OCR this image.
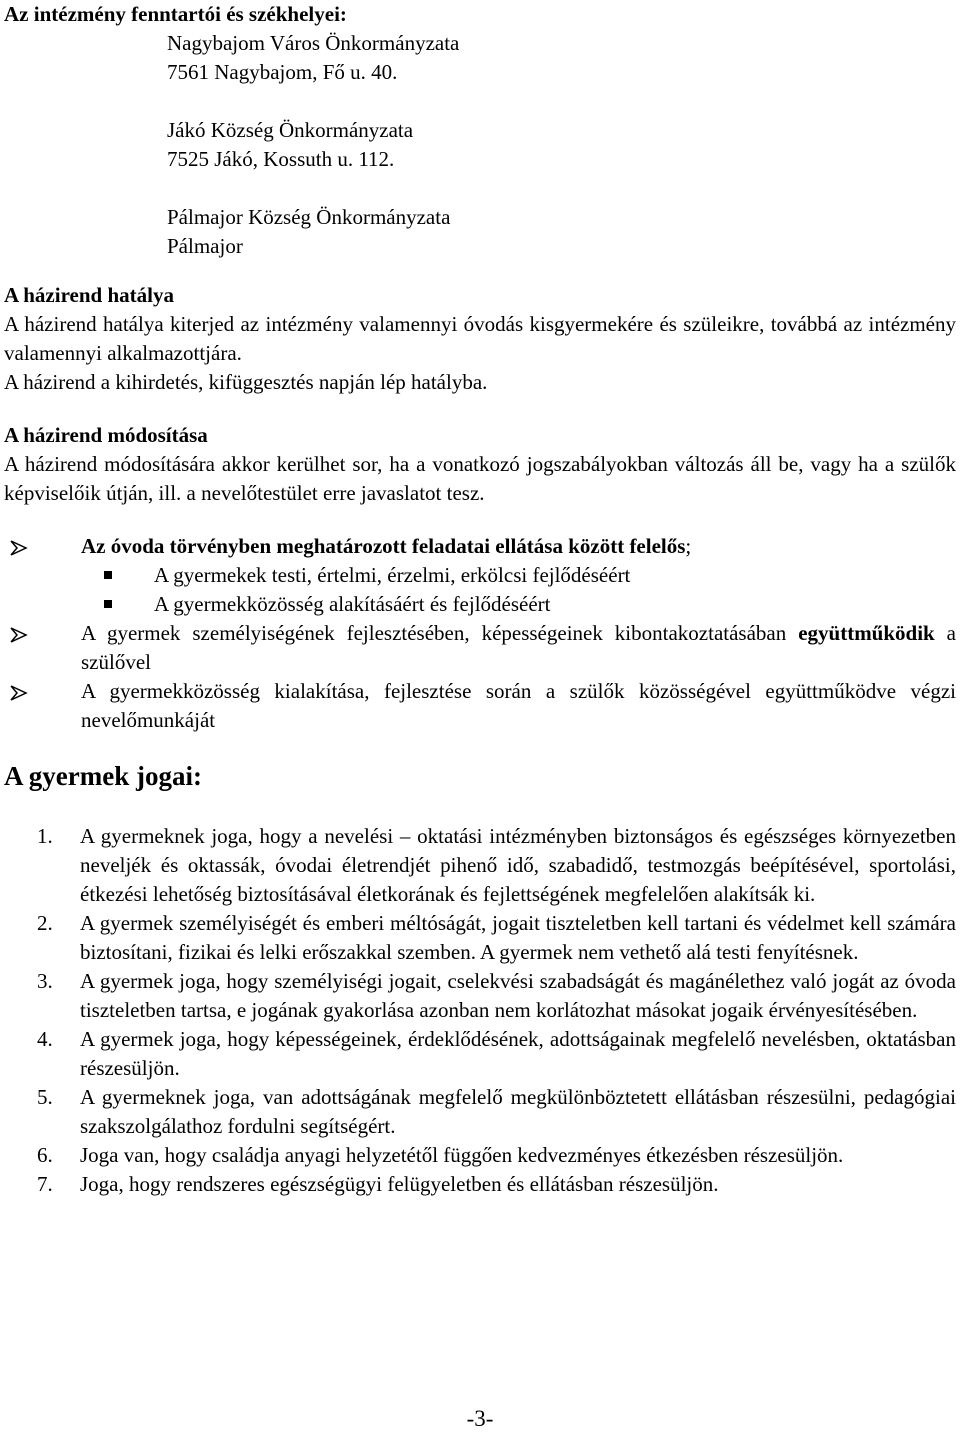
Az intézmény fenntartói és székhelyei:

Nagybajom Város Önkormányzata

7561 Nagybajom, Fő u. 40.

Jákó Község Önkormányzata

7525 Jákó, Kossuth u. 112.

Pálmajor Község Önkormányzata

Pálmajor

A házirend hatálya

A házirend hatálya kiterjed az intézmény valamennyi óvodás kisgyermekére és szüleikre, továbbá az intézmény valamennyi alkalmazottjára.

A házirend a kihirdetés, kifüggesztés napján lép hatályba.

A házirend módosítása

A házirend módosítására akkor kerülhet sor, ha a vonatkozó jogszabályokban változás áll be, vagy ha a szülők képviselőik útján, ill. a nevelőtestület erre javaslatot tesz.

Az óvoda törvényben meghatározott feladatai ellátása között felelős;
A gyermekek testi, értelmi, érzelmi, erkölcsi fejlődéséért
A gyermekközösség alakításáért és fejlődéséért
A gyermek személyiségének fejlesztésében, képességeinek kibontakoztatásában együttműködik a szülővel
A gyermekközösség kialakítása, fejlesztése során a szülők közösségével együttműködve végzi nevelőmunkáját

A gyermek jogai:

1.	A gyermeknek joga, hogy a nevelési – oktatási intézményben biztonságos és egészséges környezetben neveljék és oktassák, óvodai életrendjét pihenő idő, szabadidő, testmozgás beépítésével, sportolási, étkezési lehetőség biztosításával életkorának és fejlettségének megfelelően alakítsák ki.
2.	A gyermek személyiségét és emberi méltóságát, jogait tiszteletben kell tartani és védelmet kell számára biztosítani, fizikai és lelki erőszakkal szemben. A gyermek nem vethető alá testi fenyítésnek.
3.	A gyermek joga, hogy személyiségi jogait, cselekvési szabadságát és magánélethez való jogát az óvoda tiszteletben tartsa, e jogának gyakorlása azonban nem korlátozhat másokat jogaik érvényesítésében.
4.	A gyermek joga, hogy képességeinek, érdeklődésének, adottságainak megfelelő nevelésben, oktatásban részesüljön.
5.	A gyermeknek joga, van adottságának megfelelő megkülönböztetett ellátásban részesülni, pedagógiai szakszolgálathoz fordulni segítségért.
6.	Joga van, hogy családja anyagi helyzetétől függően kedvezményes étkezésben részesüljön.
7.	Joga, hogy rendszeres egészségügyi felügyeletben és ellátásban részesüljön.
-3-
